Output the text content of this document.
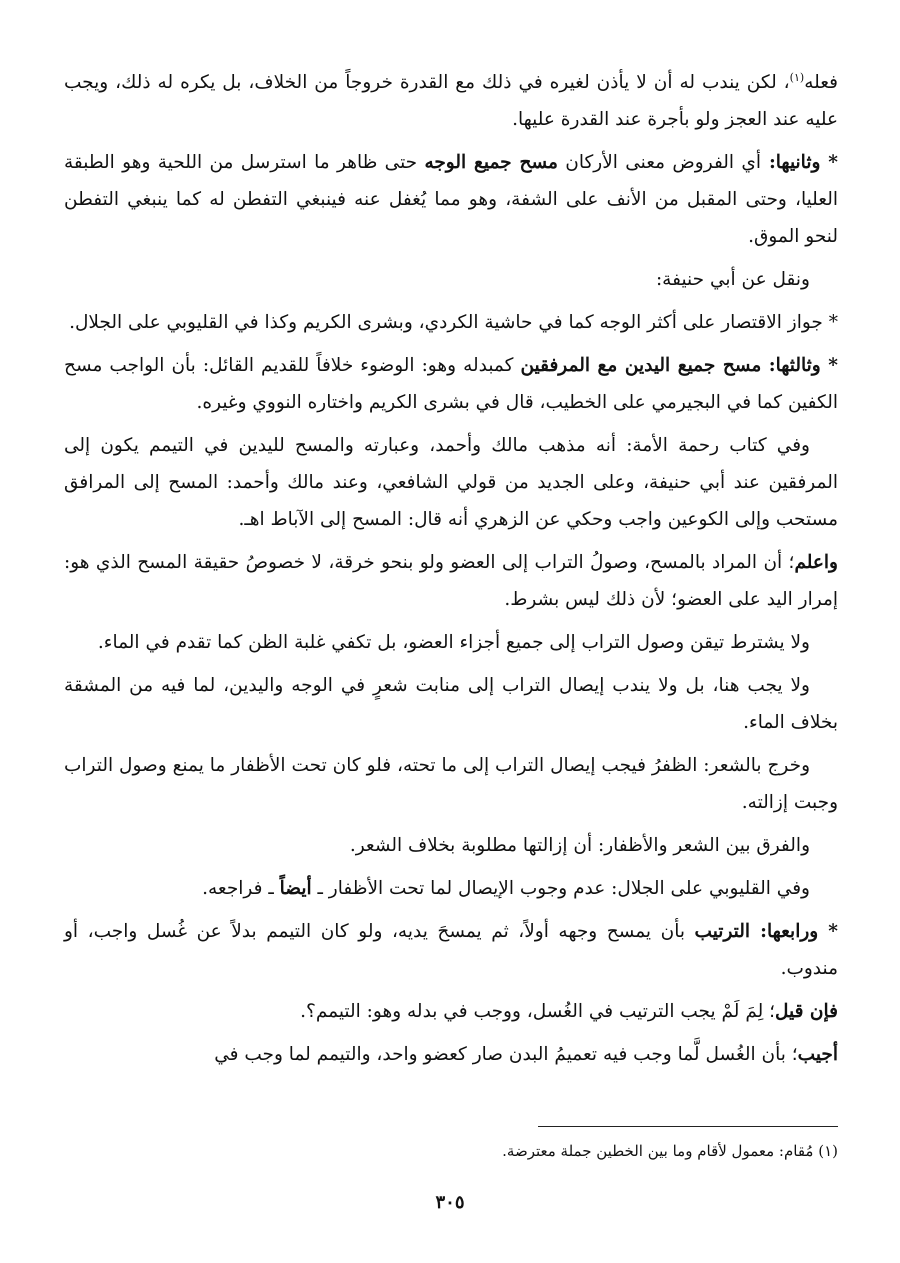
فعله$^{(١)}$، لكن يندب له أن لا يأذن لغيره في ذلك مع القدرة خروجاً من الخلاف، بل يكره له ذلك، ويجب عليه عند العجز ولو بأجرة عند القدرة عليها.

* وثانيها: أي الفروض معنى الأركان مسح جميع الوجه حتى ظاهر ما استرسل من اللحية وهو الطبقة العليا، وحتى المقبل من الأنف على الشفة، وهو مما يُغفل عنه فينبغي التفطن له كما ينبغي التفطن لنحو الموق.

ونقل عن أبي حنيفة:

* جواز الاقتصار على أكثر الوجه كما في حاشية الكردي، وبشرى الكريم وكذا في القليوبي على الجلال.

* وثالثها: مسح جميع اليدين مع المرفقين كمبدله وهو: الوضوء خلافاً للقديم القائل: بأن الواجب مسح الكفين كما في البجيرمي على الخطيب، قال في بشرى الكريم واختاره النووي وغيره.

وفي كتاب رحمة الأمة: أنه مذهب مالك وأحمد، وعبارته والمسح لليدين في التيمم يكون إلى المرفقين عند أبي حنيفة، وعلى الجديد من قولي الشافعي، وعند مالك وأحمد: المسح إلى المرافق مستحب وإلى الكوعين واجب وحكي عن الزهري أنه قال: المسح إلى الآباط اهـ.

واعلم؛ أن المراد بالمسح، وصولُ التراب إلى العضو ولو بنحو خرقة، لا خصوصُ حقيقة المسح الذي هو: إمرار اليد على العضو؛ لأن ذلك ليس بشرط.

ولا يشترط تيقن وصول التراب إلى جميع أجزاء العضو، بل تكفي غلبة الظن كما تقدم في الماء.

ولا يجب هنا، بل ولا يندب إيصال التراب إلى منابت شعرٍ في الوجه واليدين، لما فيه من المشقة بخلاف الماء.

وخرج بالشعر: الظفرُ فيجب إيصال التراب إلى ما تحته، فلو كان تحت الأظفار ما يمنع وصول التراب وجبت إزالته.

والفرق بين الشعر والأظفار: أن إزالتها مطلوبة بخلاف الشعر.

وفي القليوبي على الجلال: عدم وجوب الإيصال لما تحت الأظفار ـ أيضاً ـ فراجعه.

* ورابعها: الترتيب بأن يمسح وجهه أولاً، ثم يمسحَ يديه، ولو كان التيمم بدلاً عن غُسل واجب، أو مندوب.

فإن قيل؛ لِمَ لَمْ يجب الترتيب في الغُسل، ووجب في بدله وهو: التيمم؟.

أجيب؛ بأن الغُسل لَّما وجب فيه تعميمُ البدن صار كعضو واحد، والتيمم لما وجب في

(١) مُقام: معمول لأقام وما بين الخطين جملة معترضة.
٣٠٥
